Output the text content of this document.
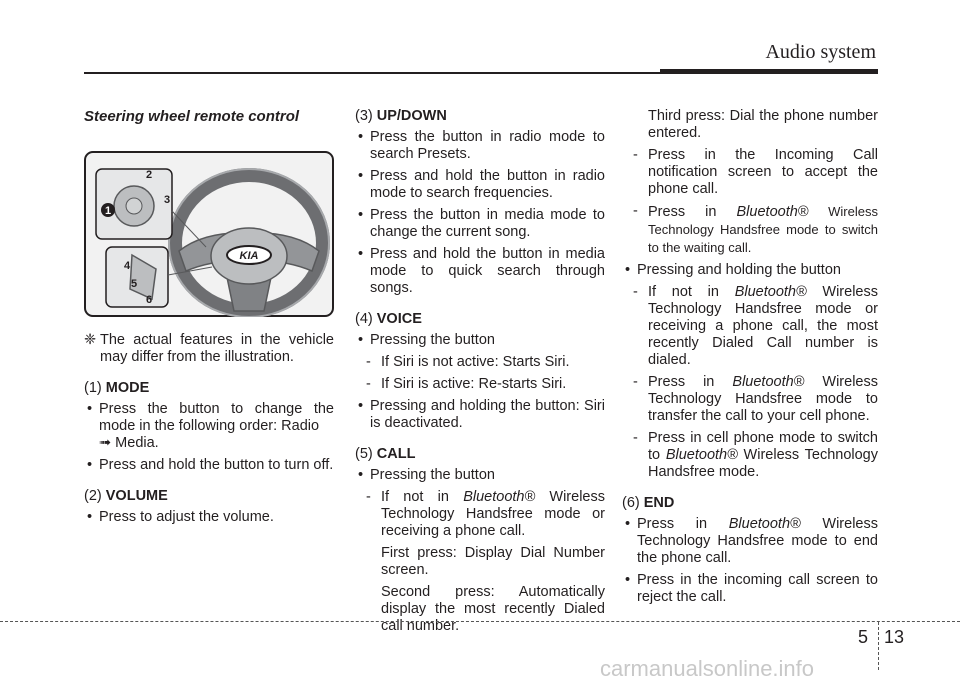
Audio system
Steering wheel remote control
2
1
3
4
5
6
KIA
❈ The actual features in the vehicle may differ from the illustration.
(1) MODE
• Press the button to change the mode in the following order: Radio
➟ Media.
• Press and hold the button to turn off.
(2) VOLUME
• Press to adjust the volume.
(3) UP/DOWN
• Press the button in radio mode to search Presets.
• Press and hold the button in radio mode to search frequencies.
• Press the button in media mode to change the current song.
• Press and hold the button in media mode to quick search through songs.
(4) VOICE
• Pressing the button
- If Siri is not active: Starts Siri.
- If Siri is active: Re-starts Siri.
• Pressing and holding the button: Siri is deactivated.
(5) CALL
• Pressing the button
- If not in Bluetooth® Wireless Technology Handsfree mode or receiving a phone call.
First press: Display Dial Number screen.
Second press: Automatically display the most recently Dialed call number.
Third press: Dial the phone number entered.
- Press in the Incoming Call notification screen to accept the phone call.
- Press in Bluetooth® Wireless Technology Handsfree mode to switch to the waiting call.
• Pressing and holding the button
- If not in Bluetooth® Wireless Technology Handsfree mode or receiving a phone call, the most recently Dialed Call number is dialed.
- Press in Bluetooth® Wireless Technology Handsfree mode to transfer the call to your cell phone.
- Press in cell phone mode to switch to Bluetooth® Wireless Technology Handsfree mode.
(6) END
• Press in Bluetooth® Wireless Technology Handsfree mode to end the phone call.
• Press in the incoming call screen to reject the call.
5 13
carmanualsonline.info
